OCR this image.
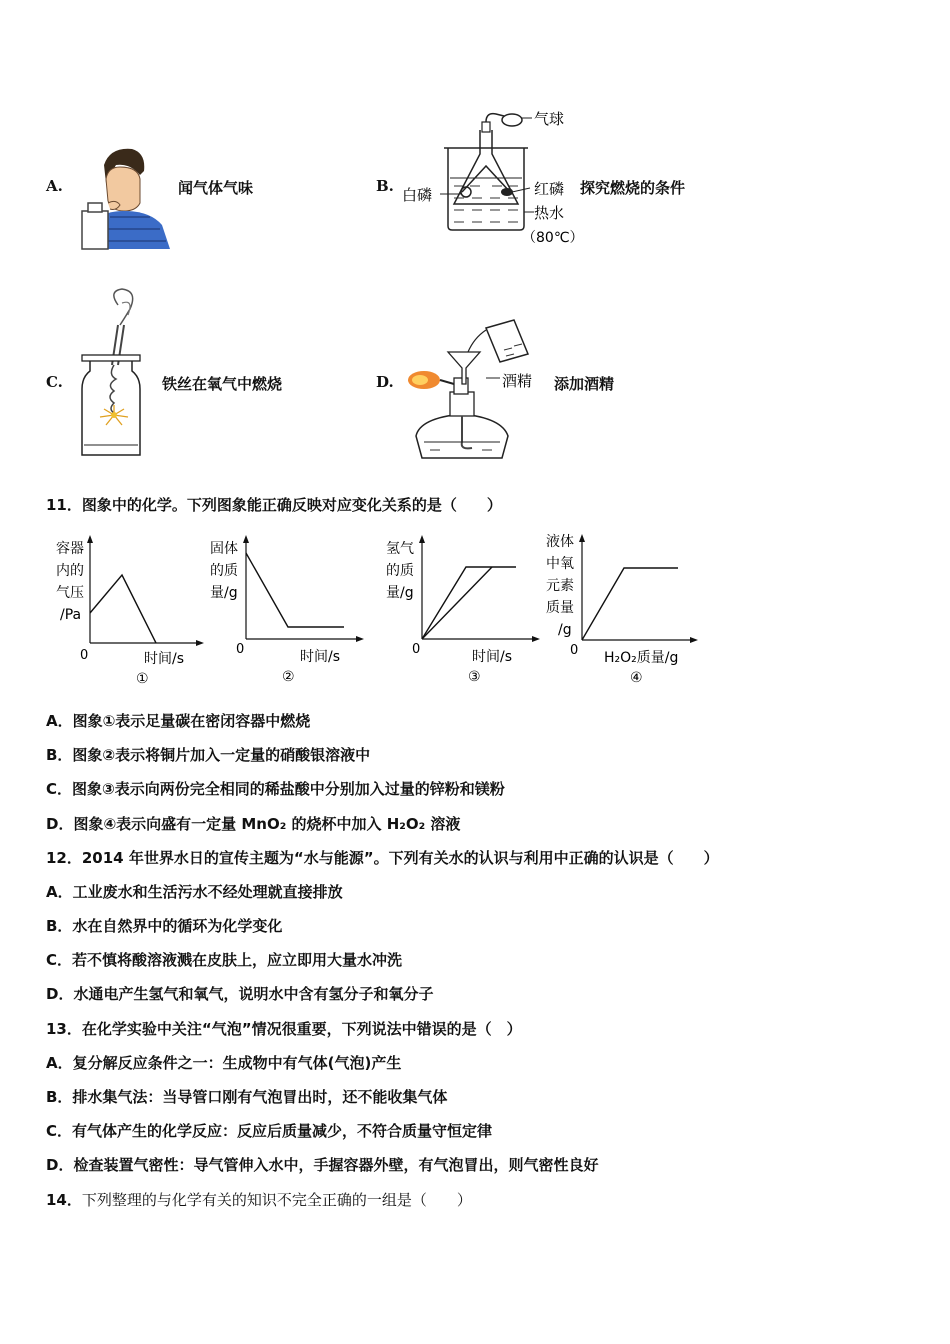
A.	闻气体气味	B.
气球
白磷	红磷
热水
（80℃）
探究燃烧的条件
C.	铁丝在氧气中燃烧	D.	酒精 添加酒精
11．图象中的化学。下列图象能正确反映对应变化关系的是（　　）
容器
内的
气压
/Pa
0	时间/s
①
固体
的质
量/g
0	时间/s
②
氢气
的质
量/g
0	时间/s
③
液体
中氧
元素
质量
/g
0 H₂O₂质量/g
④
A．图象①表示足量碳在密闭容器中燃烧
B．图象②表示将铜片加入一定量的硝酸银溶液中
C．图象③表示向两份完全相同的稀盐酸中分别加入过量的锌粉和镁粉
D．图象④表示向盛有一定量 MnO₂ 的烧杯中加入 H₂O₂ 溶液
12．2014 年世界水日的宣传主题为“水与能源”。下列有关水的认识与利用中正确的认识是（　　）
A．工业废水和生活污水不经处理就直接排放
B．水在自然界中的循环为化学变化
C．若不慎将酸溶液溅在皮肤上，应立即用大量水冲洗
D．水通电产生氢气和氧气，说明水中含有氢分子和氧分子
13．在化学实验中关注“气泡”情况很重要，下列说法中错误的是（　）
A．复分解反应条件之一：生成物中有气体(气泡)产生
B．排水集气法：当导管口刚有气泡冒出时，还不能收集气体
C．有气体产生的化学反应：反应后质量减少，不符合质量守恒定律
D．检查装置气密性：导气管伸入水中，手握容器外壁，有气泡冒出，则气密性良好
14．下列整理的与化学有关的知识不完全正确的一组是（　　）
